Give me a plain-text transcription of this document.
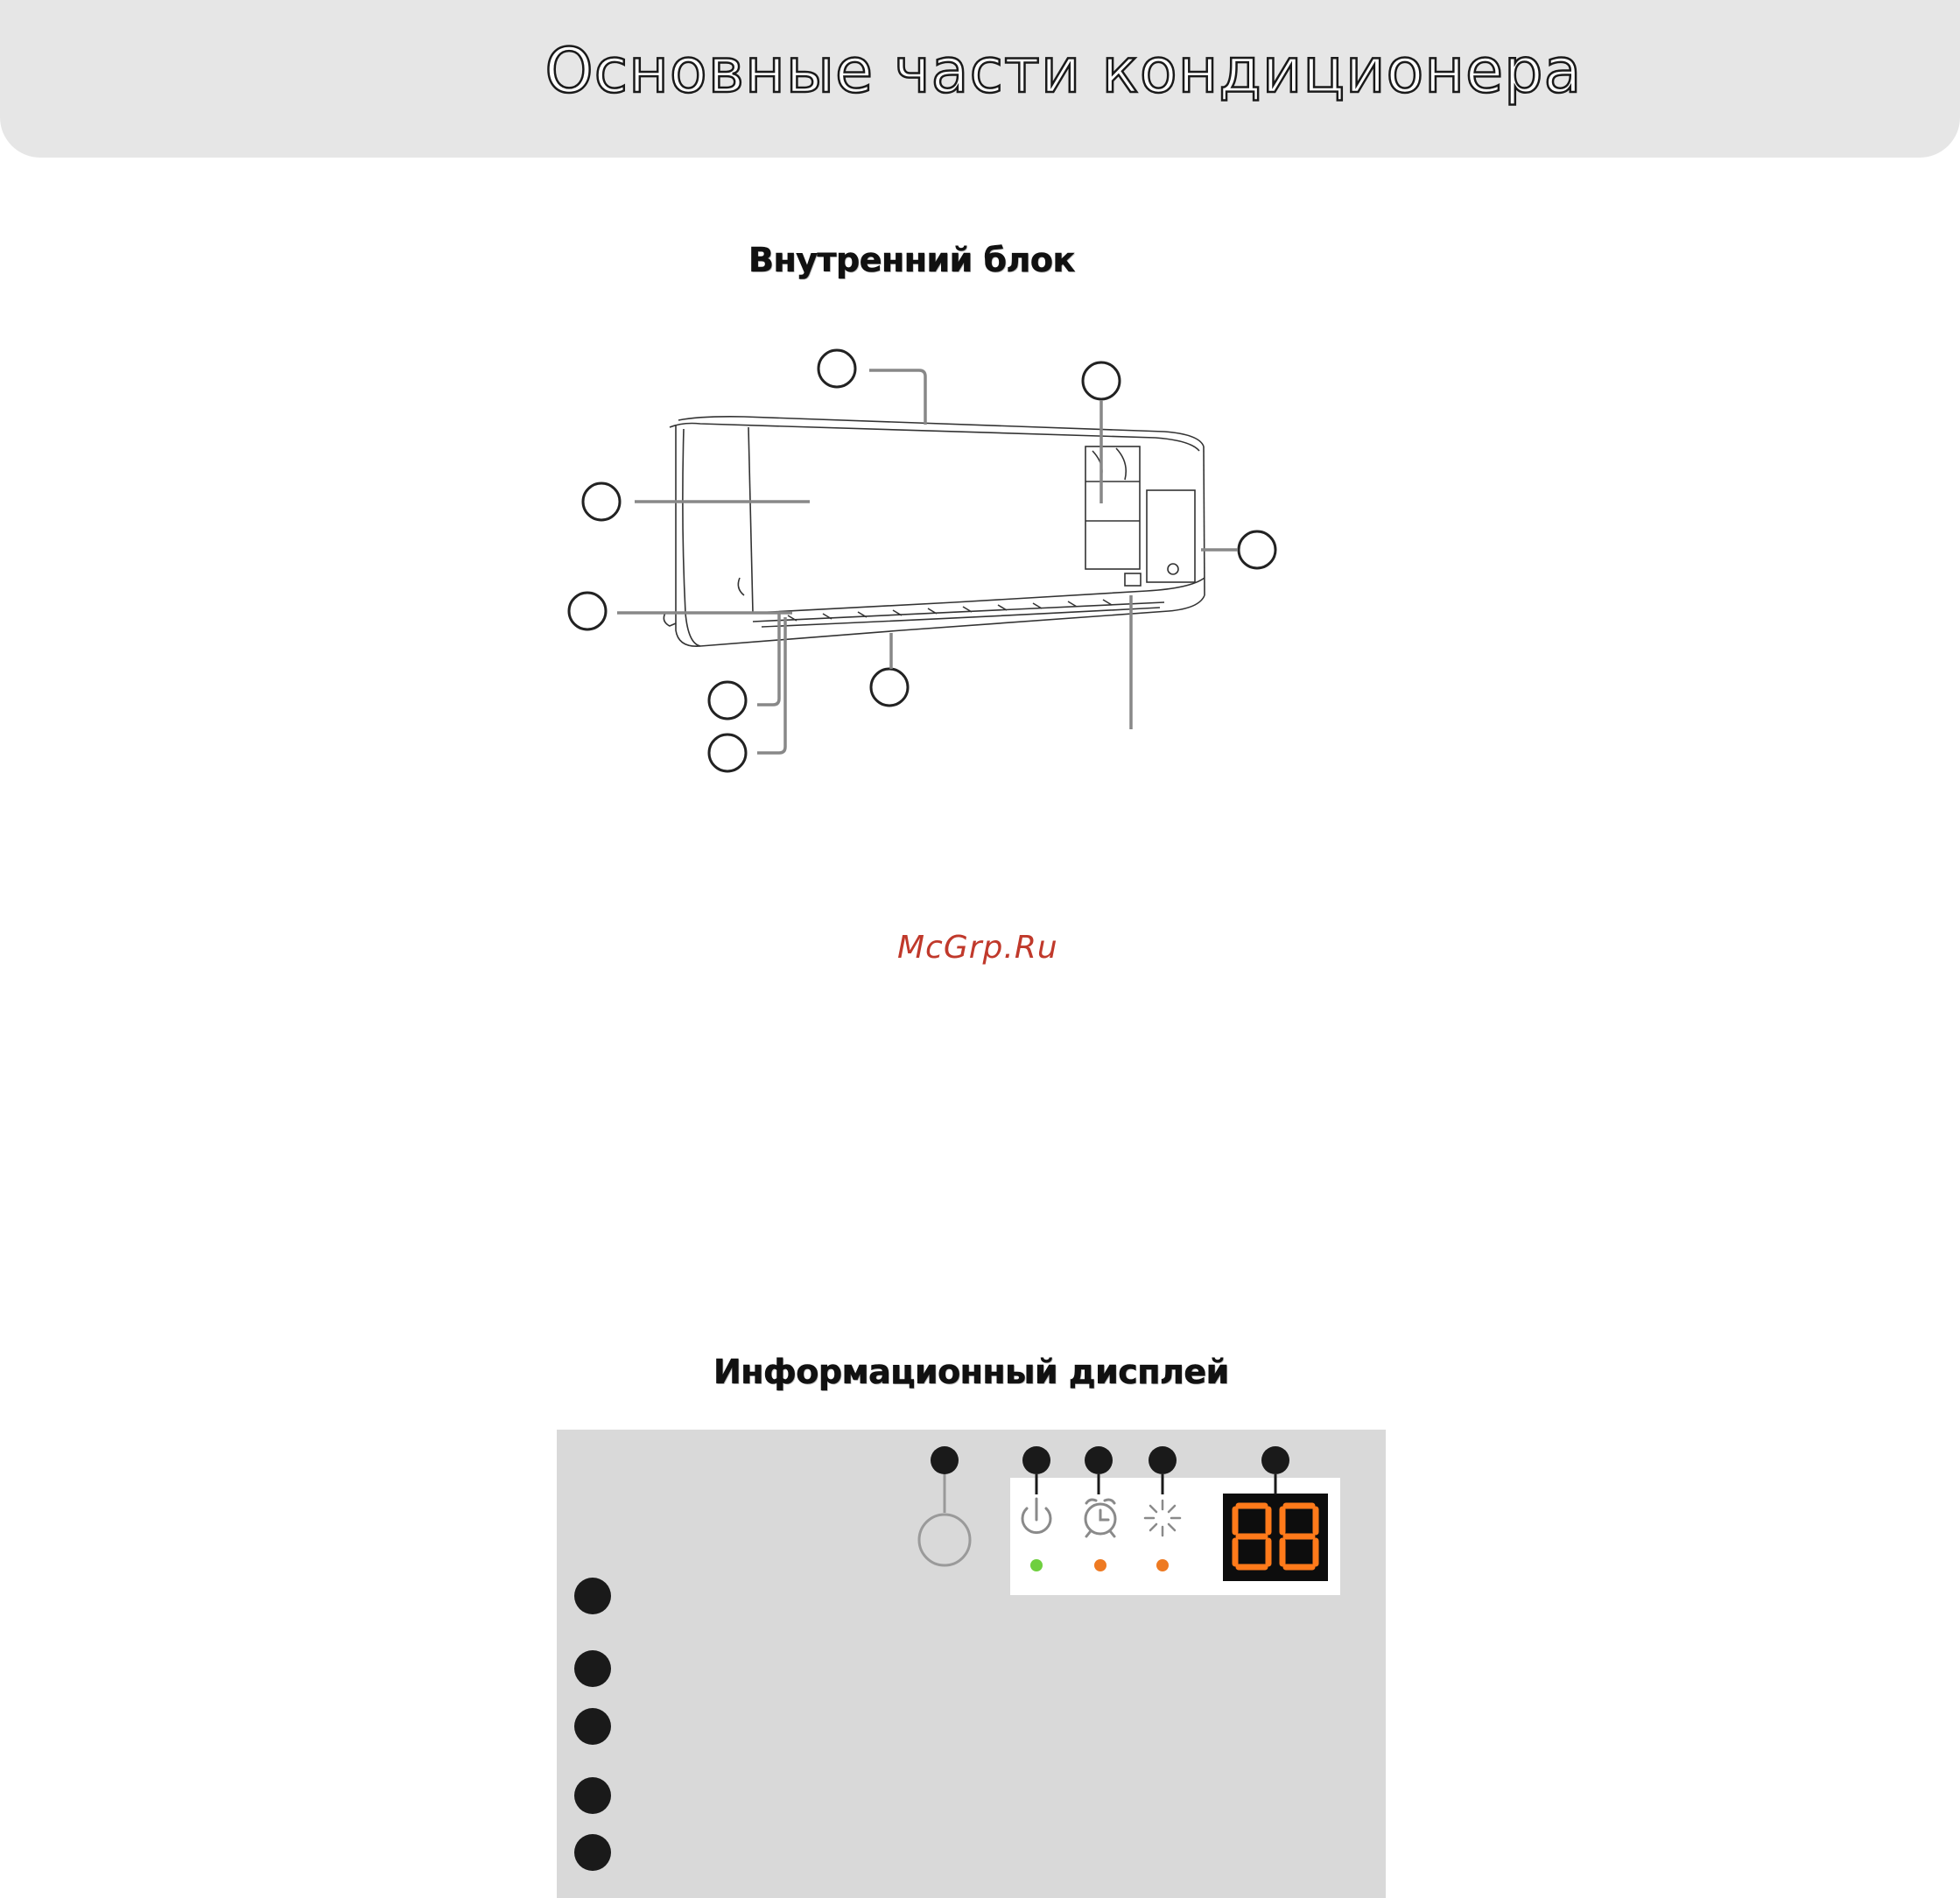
Основные части кондиционера
Внутренний блок
McGrp.Ru
Информационный дисплей
